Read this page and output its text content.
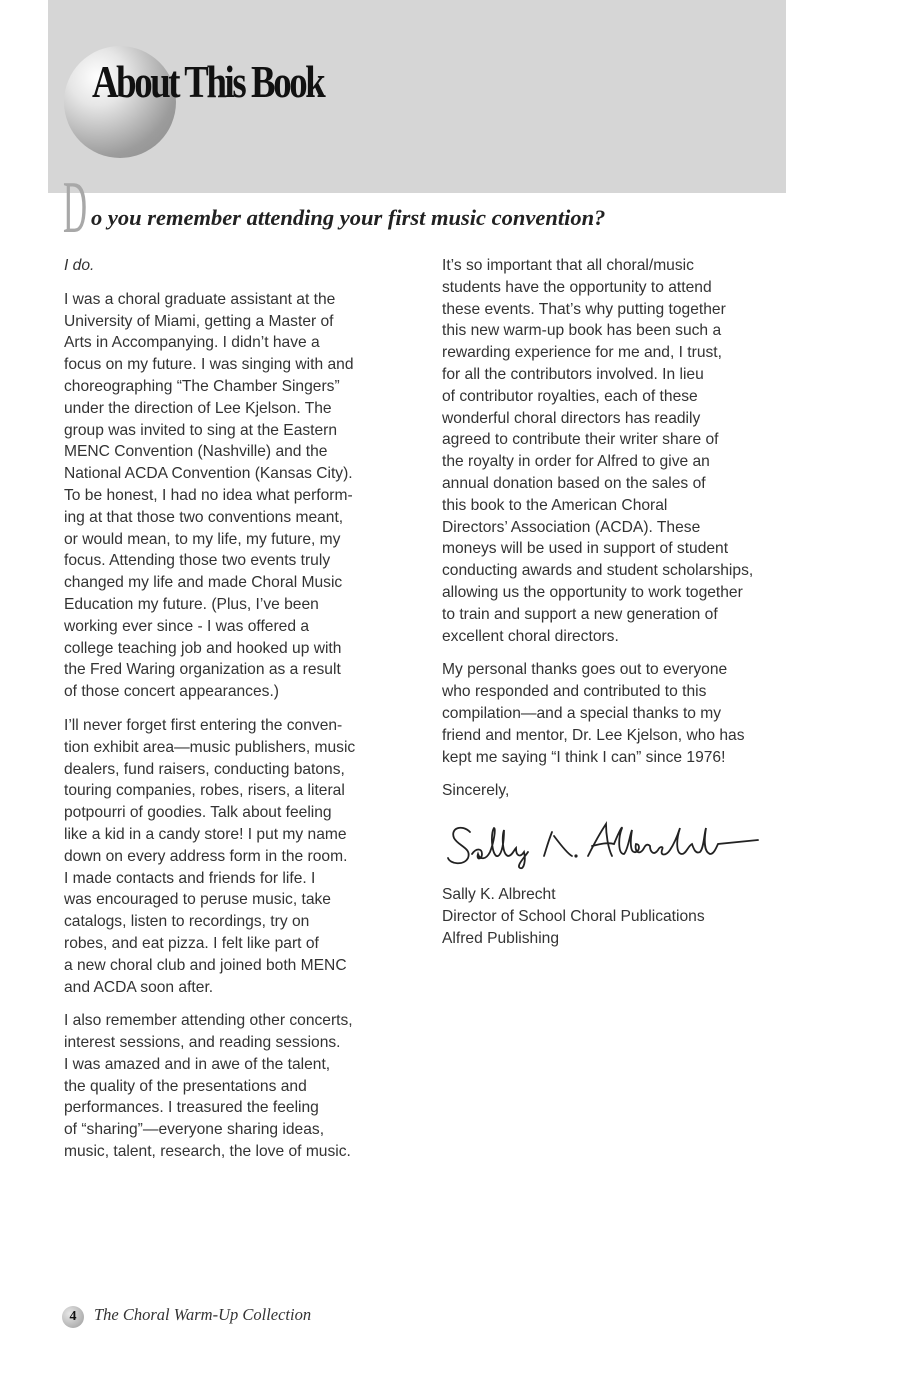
About This Book
D o you remember attending your first music convention?

I do.

I was a choral graduate assistant at the
University of Miami, getting a Master of
Arts in Accompanying. I didn’t have a
focus on my future. I was singing with and
choreographing “The Chamber Singers”
under the direction of Lee Kjelson. The
group was invited to sing at the Eastern
MENC Convention (Nashville) and the
National ACDA Convention (Kansas City).
To be honest, I had no idea what perform-
ing at that those two conventions meant,
or would mean, to my life, my future, my
focus. Attending those two events truly
changed my life and made Choral Music
Education my future. (Plus, I’ve been
working ever since - I was offered a
college teaching job and hooked up with
the Fred Waring organization as a result
of those concert appearances.)

I’ll never forget first entering the conven-
tion exhibit area—music publishers, music
dealers, fund raisers, conducting batons,
touring companies, robes, risers, a literal
potpourri of goodies. Talk about feeling
like a kid in a candy store! I put my name
down on every address form in the room.
I made contacts and friends for life. I
was encouraged to peruse music, take
catalogs, listen to recordings, try on
robes, and eat pizza. I felt like part of
a new choral club and joined both MENC
and ACDA soon after.

I also remember attending other concerts,
interest sessions, and reading sessions.
I was amazed and in awe of the talent,
the quality of the presentations and
performances. I treasured the feeling
of “sharing”—everyone sharing ideas,
music, talent, research, the love of music.

It’s so important that all choral/music
students have the opportunity to attend
these events. That’s why putting together
this new warm-up book has been such a
rewarding experience for me and, I trust,
for all the contributors involved. In lieu
of contributor royalties, each of these
wonderful choral directors has readily
agreed to contribute their writer share of
the royalty in order for Alfred to give an
annual donation based on the sales of
this book to the American Choral
Directors’ Association (ACDA). These
moneys will be used in support of student
conducting awards and student scholarships,
allowing us the opportunity to work together
to train and support a new generation of
excellent choral directors.

My personal thanks goes out to everyone
who responded and contributed to this
compilation—and a special thanks to my
friend and mentor, Dr. Lee Kjelson, who has
kept me saying “I think I can” since 1976!

Sincerely,

Sally K. Albrecht
Director of School Choral Publications
Alfred Publishing

4	The Choral Warm-Up Collection
